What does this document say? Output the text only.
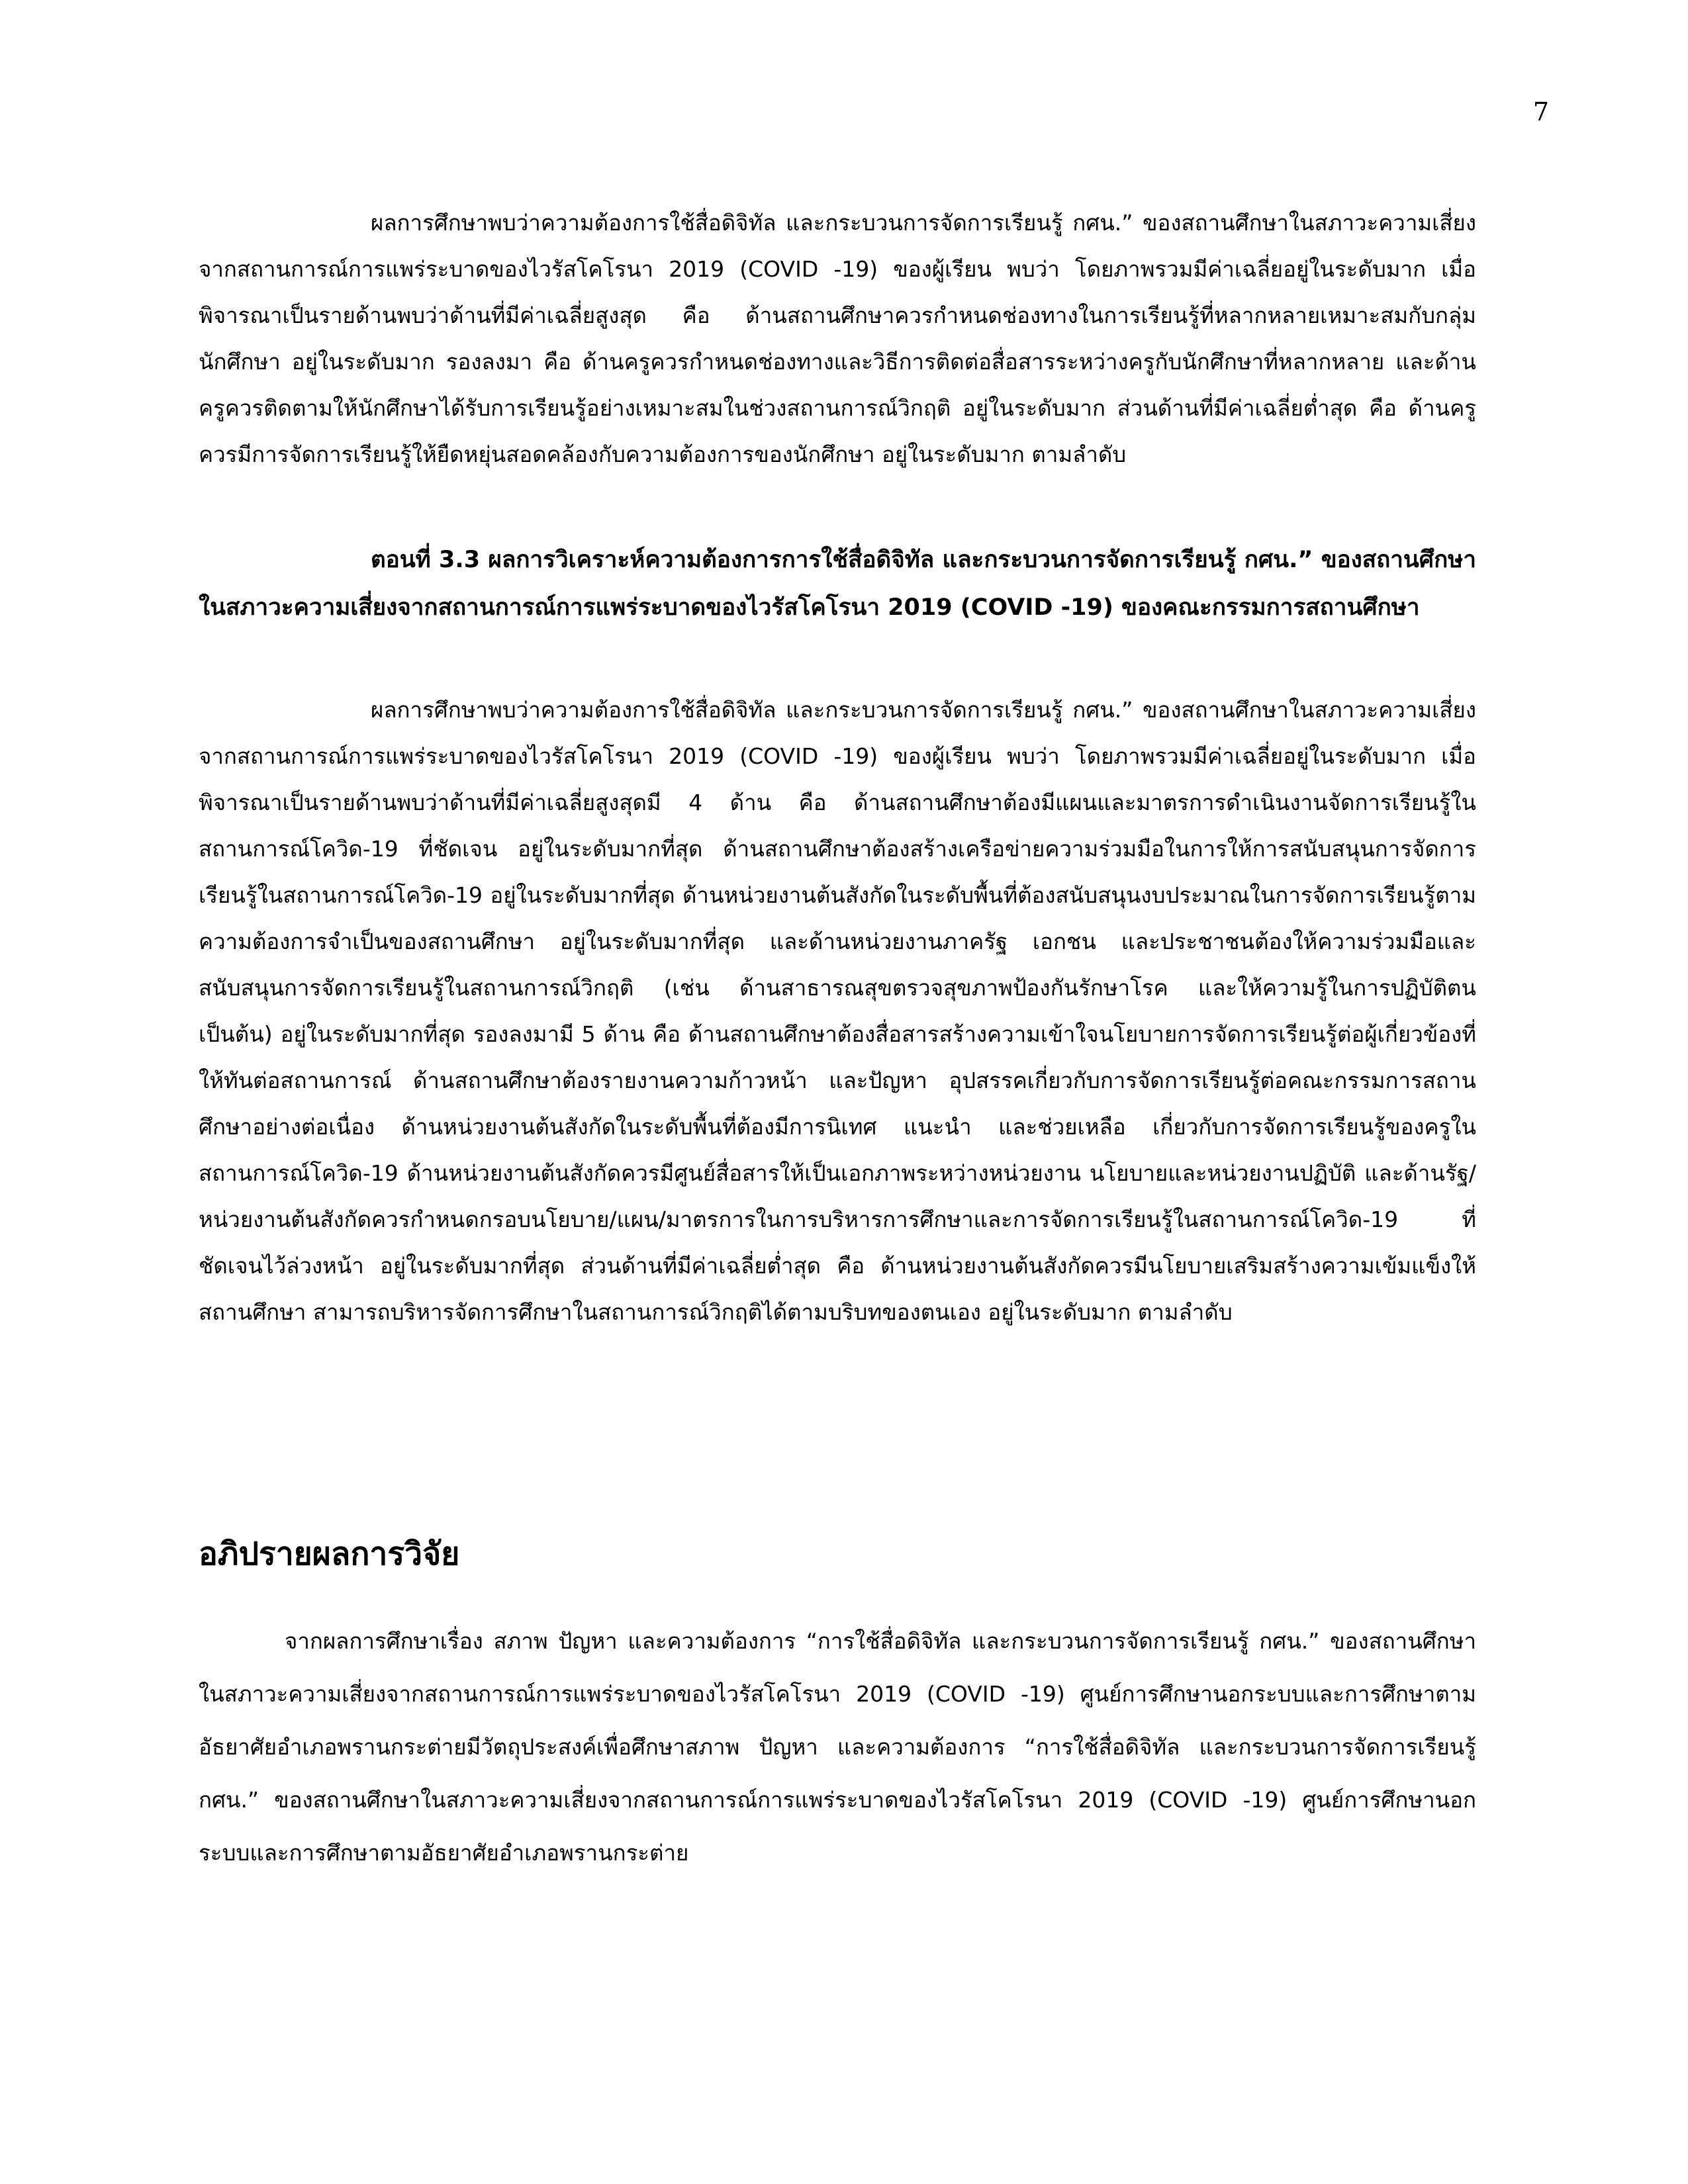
7

ผลการศึกษาพบว่าความต้องการใช้สื่อดิจิทัล และกระบวนการจัดการเรียนรู้ กศน.” ของสถานศึกษาในสภาวะความเสี่ยงจากสถานการณ์การแพร่ระบาดของไวรัสโคโรนา 2019 (COVID -19) ของผู้เรียน พบว่า โดยภาพรวมมีค่าเฉลี่ยอยู่ในระดับมาก เมื่อพิจารณาเป็นรายด้านพบว่าด้านที่มีค่าเฉลี่ยสูงสุด คือ ด้านสถานศึกษาควรกำหนดช่องทางในการเรียนรู้ที่หลากหลายเหมาะสมกับกลุ่มนักศึกษา อยู่ในระดับมาก รองลงมา คือ ด้านครูควรกำหนดช่องทางและวิธีการติดต่อสื่อสารระหว่างครูกับนักศึกษาที่หลากหลาย และด้านครูควรติดตามให้นักศึกษาได้รับการเรียนรู้อย่างเหมาะสมในช่วงสถานการณ์วิกฤติ อยู่ในระดับมาก ส่วนด้านที่มีค่าเฉลี่ยต่ำสุด คือ ด้านครูควรมีการจัดการเรียนรู้ให้ยืดหยุ่นสอดคล้องกับความต้องการของนักศึกษา อยู่ในระดับมาก ตามลำดับ

ตอนที่ 3.3 ผลการวิเคราะห์ความต้องการการใช้สื่อดิจิทัล และกระบวนการจัดการเรียนรู้ กศน.” ของสถานศึกษาในสภาวะความเสี่ยงจากสถานการณ์การแพร่ระบาดของไวรัสโคโรนา 2019 (COVID -19) ของคณะกรรมการสถานศึกษา

ผลการศึกษาพบว่าความต้องการใช้สื่อดิจิทัล และกระบวนการจัดการเรียนรู้ กศน.” ของสถานศึกษาในสภาวะความเสี่ยงจากสถานการณ์การแพร่ระบาดของไวรัสโคโรนา 2019 (COVID -19) ของผู้เรียน พบว่า โดยภาพรวมมีค่าเฉลี่ยอยู่ในระดับมาก เมื่อพิจารณาเป็นรายด้านพบว่าด้านที่มีค่าเฉลี่ยสูงสุดมี 4 ด้าน คือ ด้านสถานศึกษาต้องมีแผนและมาตรการดำเนินงานจัดการเรียนรู้ในสถานการณ์โควิด-19 ที่ชัดเจน อยู่ในระดับมากที่สุด ด้านสถานศึกษาต้องสร้างเครือข่ายความร่วมมือในการให้การสนับสนุนการจัดการเรียนรู้ในสถานการณ์โควิด-19 อยู่ในระดับมากที่สุด ด้านหน่วยงานต้นสังกัดในระดับพื้นที่ต้องสนับสนุนงบประมาณในการจัดการเรียนรู้ตามความต้องการจำเป็นของสถานศึกษา อยู่ในระดับมากที่สุด และด้านหน่วยงานภาครัฐ เอกชน และประชาชนต้องให้ความร่วมมือและสนับสนุนการจัดการเรียนรู้ในสถานการณ์วิกฤติ (เช่น ด้านสาธารณสุขตรวจสุขภาพป้องกันรักษาโรค และให้ความรู้ในการปฏิบัติตน เป็นต้น) อยู่ในระดับมากที่สุด รองลงมามี 5 ด้าน คือ ด้านสถานศึกษาต้องสื่อสารสร้างความเข้าใจนโยบายการจัดการเรียนรู้ต่อผู้เกี่ยวข้องที่ให้ทันต่อสถานการณ์ ด้านสถานศึกษาต้องรายงานความก้าวหน้า และปัญหา อุปสรรคเกี่ยวกับการจัดการเรียนรู้ต่อคณะกรรมการสถานศึกษาอย่างต่อเนื่อง ด้านหน่วยงานต้นสังกัดในระดับพื้นที่ต้องมีการนิเทศ แนะนำ และช่วยเหลือ เกี่ยวกับการจัดการเรียนรู้ของครูในสถานการณ์โควิด-19 ด้านหน่วยงานต้นสังกัดควรมีศูนย์สื่อสารให้เป็นเอกภาพระหว่างหน่วยงาน นโยบายและหน่วยงานปฏิบัติ และด้านรัฐ/หน่วยงานต้นสังกัดควรกำหนดกรอบนโยบาย/แผน/มาตรการในการบริหารการศึกษาและการจัดการเรียนรู้ในสถานการณ์โควิด-19 ที่ชัดเจนไว้ล่วงหน้า อยู่ในระดับมากที่สุด ส่วนด้านที่มีค่าเฉลี่ยต่ำสุด คือ ด้านหน่วยงานต้นสังกัดควรมีนโยบายเสริมสร้างความเข้มแข็งให้สถานศึกษา สามารถบริหารจัดการศึกษาในสถานการณ์วิกฤติได้ตามบริบทของตนเอง อยู่ในระดับมาก ตามลำดับ

อภิปรายผลการวิจัย

จากผลการศึกษาเรื่อง สภาพ ปัญหา และความต้องการ “การใช้สื่อดิจิทัล และกระบวนการจัดการเรียนรู้ กศน.” ของสถานศึกษาในสภาวะความเสี่ยงจากสถานการณ์การแพร่ระบาดของไวรัสโคโรนา 2019 (COVID -19) ศูนย์การศึกษานอกระบบและการศึกษาตามอัธยาศัยอำเภอพรานกระต่ายมีวัตถุประสงค์เพื่อศึกษาสภาพ ปัญหา และความต้องการ “การใช้สื่อดิจิทัล และกระบวนการจัดการเรียนรู้ กศน.” ของสถานศึกษาในสภาวะความเสี่ยงจากสถานการณ์การแพร่ระบาดของไวรัสโคโรนา 2019 (COVID -19) ศูนย์การศึกษานอกระบบและการศึกษาตามอัธยาศัยอำเภอพรานกระต่าย
